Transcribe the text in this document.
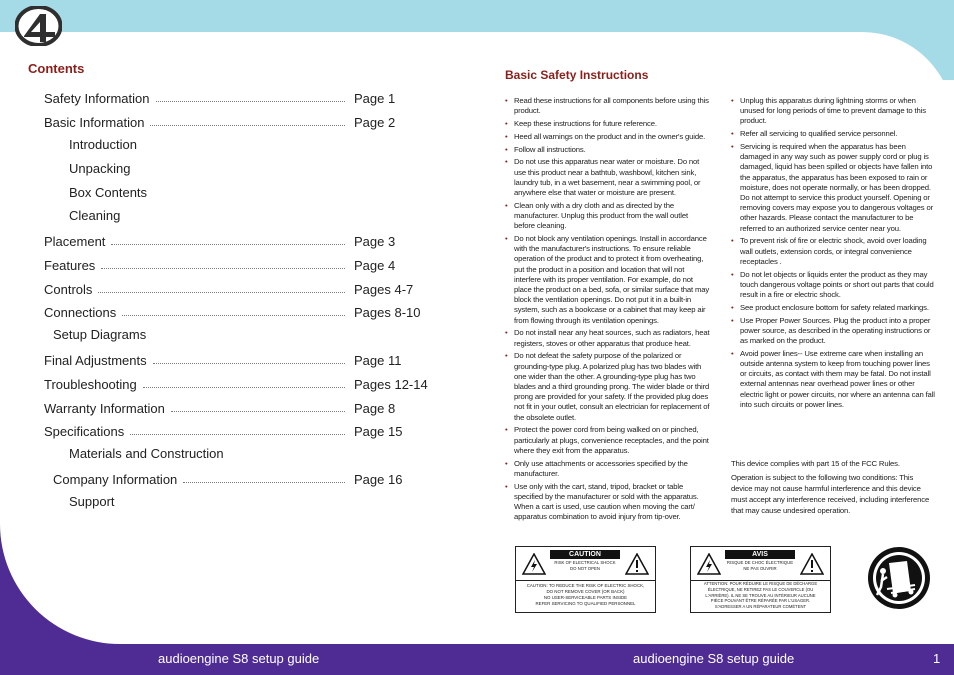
Contents
Safety Information	Page 1
Basic Information	Page 2
Introduction
Unpacking
Box Contents
Cleaning
Placement	Page 3
Features	Page 4
Controls	Pages 4-7
Connections	Pages 8-10
Setup Diagrams
Final Adjustments	Page 11
Troubleshooting	Pages 12-14
Warranty Information	Page 8
Specifications	Page 15
Materials and Construction
Company Information	Page 16
Support
Basic Safety Instructions
• Read these instructions for all components before using this product.
• Keep these instructions for future reference.
• Heed all warnings on the product and in the owner's guide.
• Follow all instructions.
• Do not use this apparatus near water or moisture. Do not use this product near a bathtub, washbowl, kitchen sink, laundry tub, in a wet basement, near a swimming pool, or anywhere else that water or moisture are present.
• Clean only with a dry cloth and as directed by the manufacturer. Unplug this product from the wall outlet before cleaning.
• Do not block any ventilation openings. Install in accordance with the manufacturer's instructions. To ensure reliable operation of the product and to protect it from overheating, put the product in a position and location that will not interfere with its proper ventilation. For example, do not place the product on a bed, sofa, or similar surface that may block the ventilation openings. Do not put it in a built-in system, such as a bookcase or a cabinet that may keep air from flowing through its ventilation openings.
• Do not install near any heat sources, such as radiators, heat registers, stoves or other apparatus that produce heat.
• Do not defeat the safety purpose of the polarized or grounding-type plug. A polarized plug has two blades with one wider than the other. A grounding-type plug has two blades and a third grounding prong. The wider blade or third prong are provided for your safety. If the provided plug does not fit in your outlet, consult an electrician for replacement of the obsolete outlet.
• Protect the power cord from being walked on or pinched, particularly at plugs, convenience receptacles, and the point where they exit from the apparatus.
• Only use attachments or accessories specified by the manufacturer.
• Use only with the cart, stand, tripod, bracket or table specified by the manufacturer or sold with the apparatus. When a cart is used, use caution when moving the cart/ apparatus combination to avoid injury from tip-over.
• Unplug this apparatus during lightning storms or when unused for long periods of time to prevent damage to this product.
• Refer all servicing to qualified service personnel.
• Servicing is required when the apparatus has been damaged in any way such as power supply cord or plug is damaged, liquid has been spilled or objects have fallen into the apparatus, the apparatus has been exposed to rain or moisture, does not operate normally, or has been dropped. Do not attempt to service this product yourself. Opening or removing covers may expose you to dangerous voltages or other hazards. Please contact the manufacturer to be referred to an authorized service center near you.
• To prevent risk of fire or electric shock, avoid over loading wall outlets, extension cords, or integral convenience receptacles .
• Do not let objects or liquids enter the product as they may touch dangerous voltage points or short out parts that could result in a fire or electric shock.
• See product enclosure bottom for safety related markings.
• Use Proper Power Sources. Plug the product into a proper power source, as described in the operating instructions or as marked on the product.
• Avoid power lines-- Use extreme care when installing an outside antenna system to keep from touching power lines or circuits, as contact with them may be fatal. Do not install external antennas near overhead power lines or other electric light or power circuits, nor where an antenna can fall into such circuits or power lines.

This device complies with part 15 of the FCC Rules.

Operation is subject to the following two conditions: This device may not cause harmful interference and this device must accept any interference received, including interference that may cause undesired operation.

CAUTION
RISK OF ELECTRICAL SHOCK
DO NOT OPEN
CAUTION: TO REDUCE THE RISK OF ELECTRIC SHOCK,
DO NOT REMOVE COVER (OR BACK)
NO USER-SERVICEABLE PARTS INSIDE
REFER SERVICING TO QUALIFIED PERSONNEL
AVIS
RISQUE DE CHOC ÉLECTRIQUE
NE PAS OUVRIR
ATTENTION: POUR RÉDUIRE LE RISQUE DE DÉCHARGE
ÉLECTRIQUE, NE RETIREZ PAS LE COUVERCLE (OU
L'ARRIÈRE). IL NE SE TROUVE AU INTÉRIEUR AUCUNE
PIÈCE POUVANT ÊTRE RÉPARÉE PAR L'USAGER.
S'ADRESSER A UN RÉPARATEUR COMÉTENT
audioengine S8 setup guide	audioengine S8 setup guide	1
